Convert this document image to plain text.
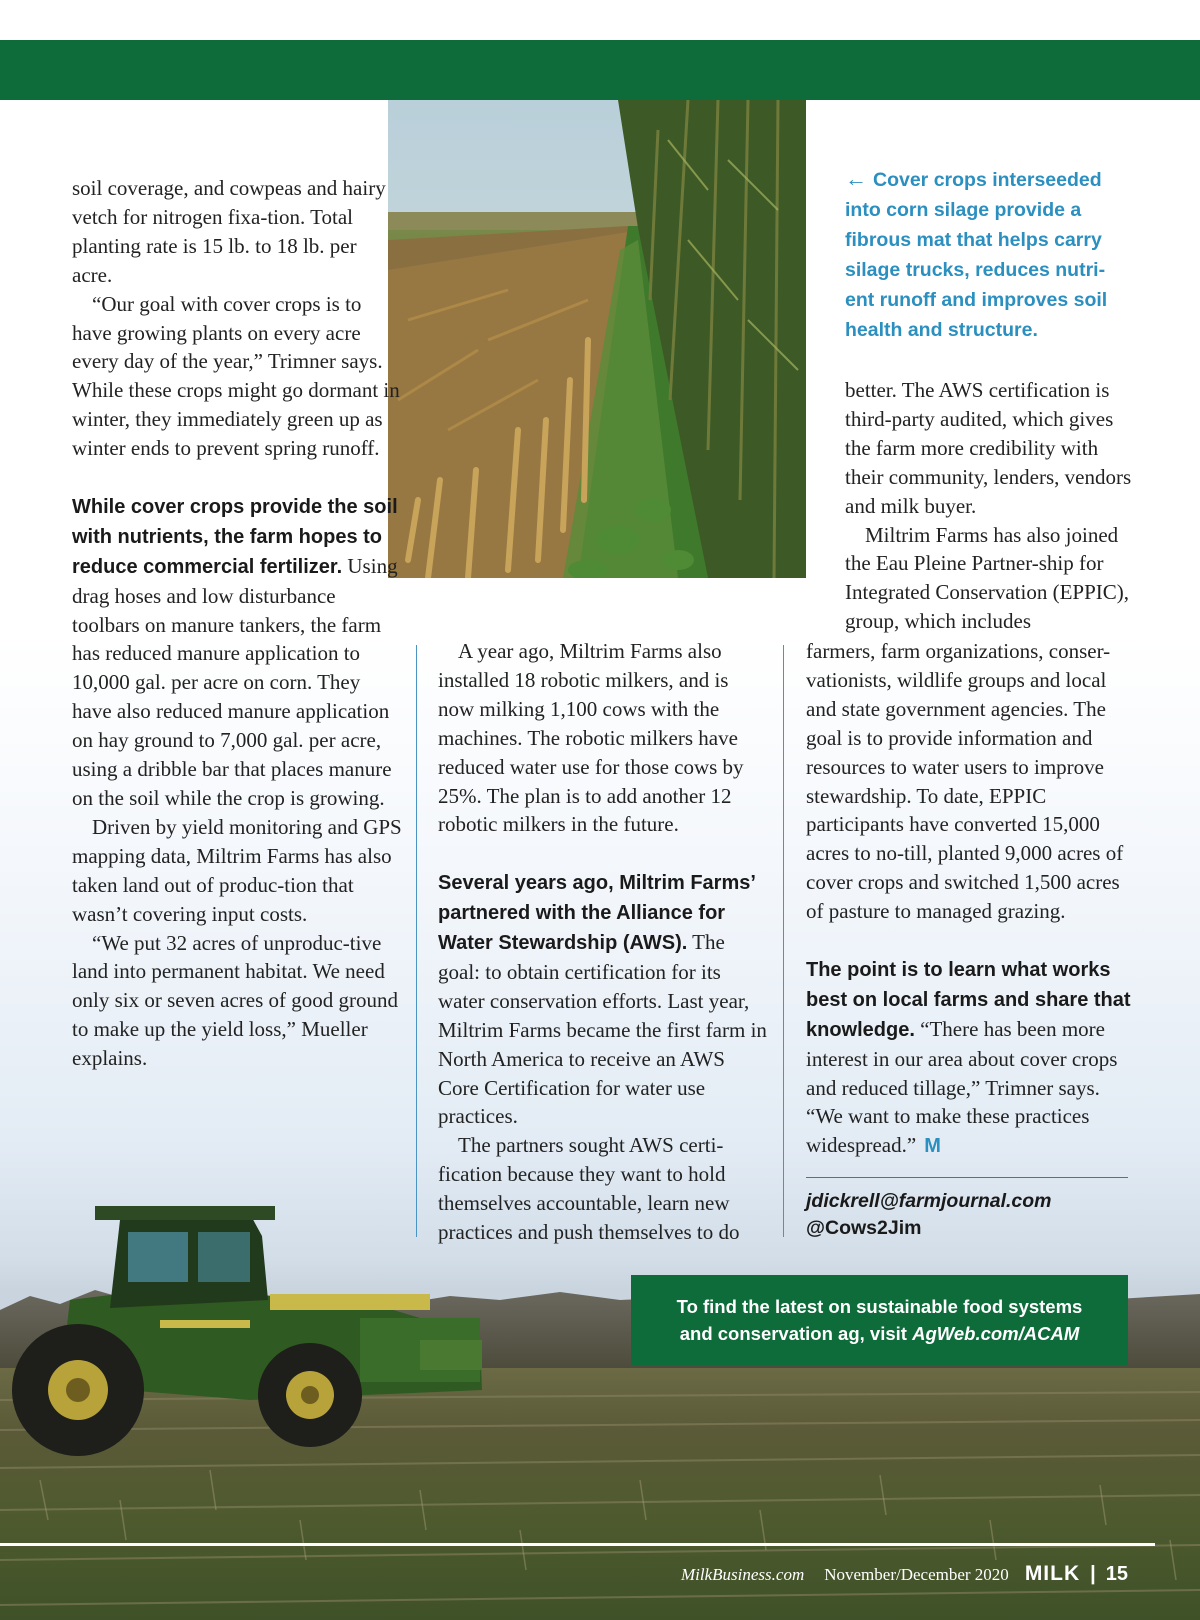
← Cover crops interseeded into corn silage provide a fibrous mat that helps carry silage trucks, reduces nutri-ent runoff and improves soil health and structure.

soil coverage, and cowpeas and hairy vetch for nitrogen fixa-tion. Total planting rate is 15 lb. to 18 lb. per acre.

“Our goal with cover crops is to have growing plants on every acre every day of the year,” Trimner says. While these crops might go dormant in winter, they immediately green up as winter ends to prevent spring runoff.

While cover crops provide the soil with nutrients, the farm hopes to reduce commercial fertilizer. Using drag hoses and low disturbance toolbars on manure tankers, the farm has reduced manure application to 10,000 gal. per acre on corn. They have also reduced manure application on hay ground to 7,000 gal. per acre, using a dribble bar that places manure on the soil while the crop is growing.

Driven by yield monitoring and GPS mapping data, Miltrim Farms has also taken land out of produc-tion that wasn’t covering input costs.

“We put 32 acres of unproduc-tive land into permanent habitat. We need only six or seven acres of good ground to make up the yield loss,” Mueller explains.

A year ago, Miltrim Farms also installed 18 robotic milkers, and is now milking 1,100 cows with the machines. The robotic milkers have reduced water use for those cows by 25%. The plan is to add another 12 robotic milkers in the future.

Several years ago, Miltrim Farms’ partnered with the Alliance for Water Stewardship (AWS). The goal: to obtain certification for its water conservation efforts. Last year, Miltrim Farms became the first farm in North America to receive an AWS Core Certification for water use practices.

The partners sought AWS certi-fication because they want to hold themselves accountable, learn new practices and push themselves to do

better. The AWS certification is third-party audited, which gives the farm more credibility with their community, lenders, vendors and milk buyer.

Miltrim Farms has also joined the Eau Pleine Partner-ship for Integrated Conservation (EPPIC), group, which includes

farmers, farm organizations, conser-vationists, wildlife groups and local and state government agencies. The goal is to provide information and resources to water users to improve stewardship. To date, EPPIC participants have converted 15,000 acres to no-till, planted 9,000 acres of cover crops and switched 1,500 acres of pasture to managed grazing.

The point is to learn what works best on local farms and share that knowledge. “There has been more interest in our area about cover crops and reduced tillage,” Trimner says. “We want to make these practices widespread.” M

jdickrell@farmjournal.com
@Cows2Jim
To find the latest on sustainable food systems
and conservation ag, visit AgWeb.com/ACAM
MilkBusiness.com November/December 2020 MILK | 15
